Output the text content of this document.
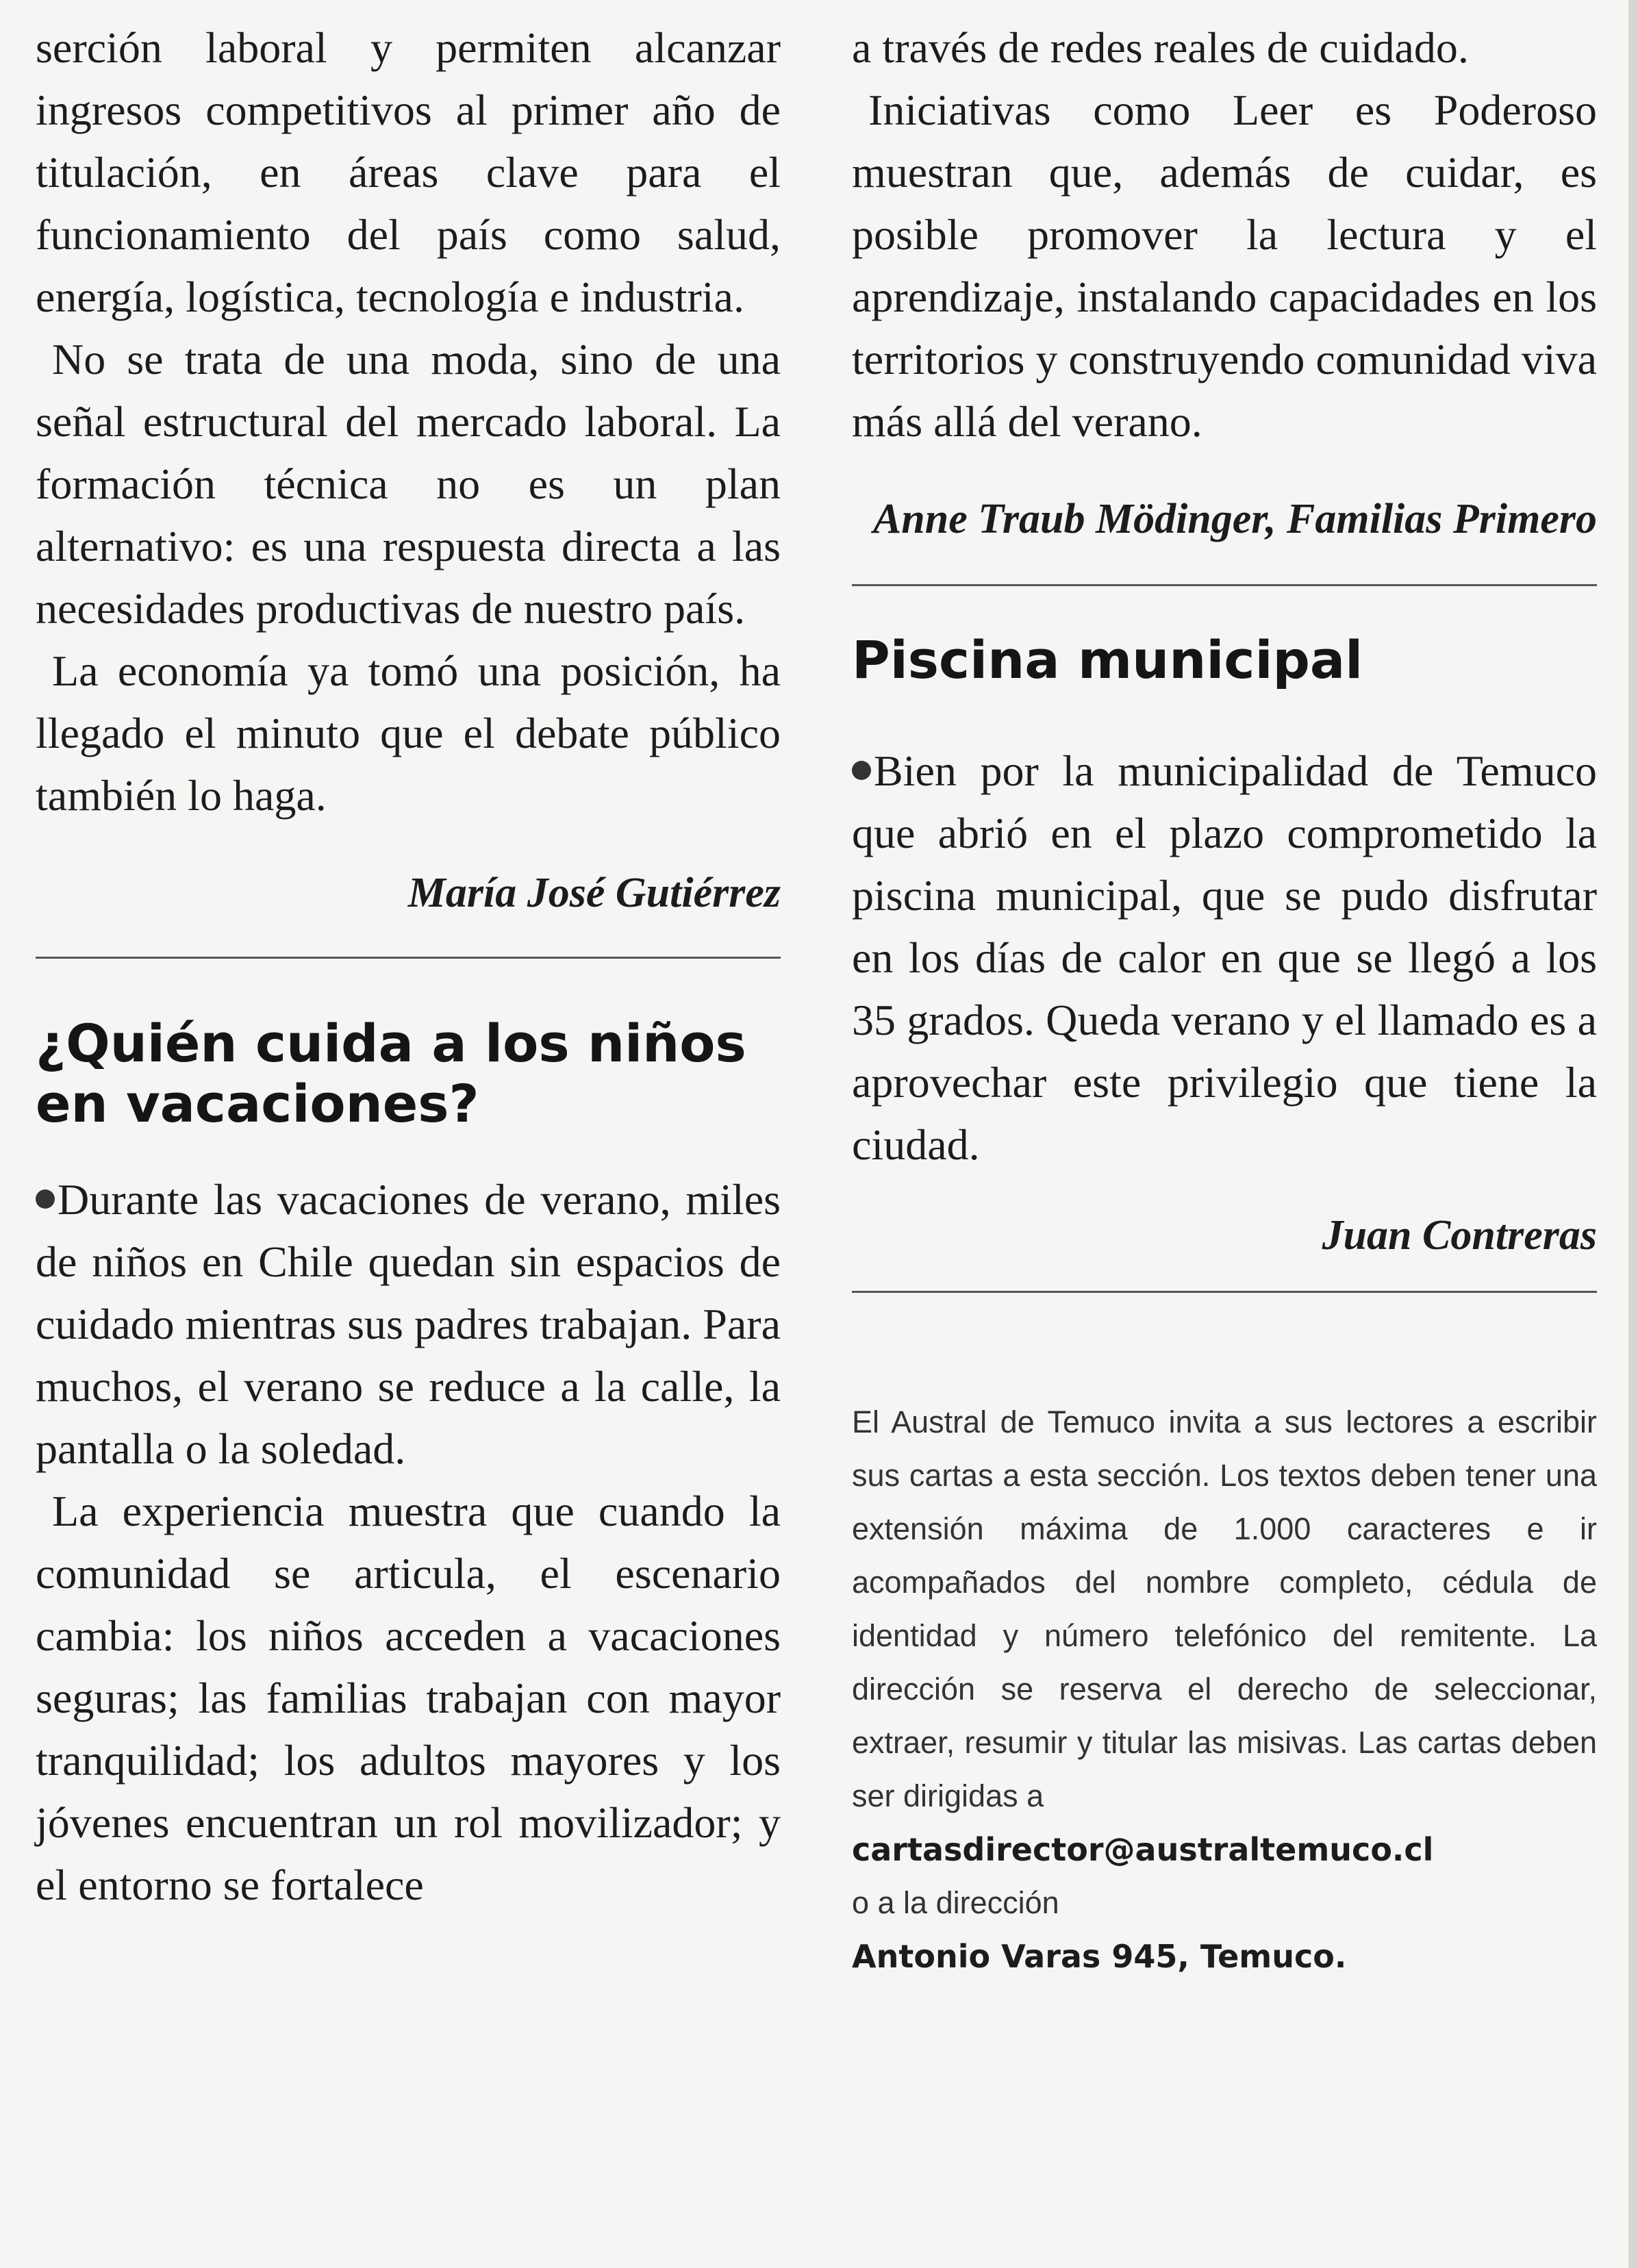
serción laboral y permiten alcanzar ingresos competitivos al primer año de titulación, en áreas clave para el funcionamiento del país como salud, energía, logística, tecnología e industria.

No se trata de una moda, sino de una señal estructural del mercado laboral. La formación técnica no es un plan alternativo: es una respuesta directa a las necesidades productivas de nuestro país.

La economía ya tomó una posición, ha llegado el minuto que el debate público también lo haga.

María José Gutiérrez

¿Quién cuida a los niños en vacaciones?

Durante las vacaciones de verano, miles de niños en Chile quedan sin espacios de cuidado mientras sus padres trabajan. Para muchos, el verano se reduce a la calle, la pantalla o la soledad.

La experiencia muestra que cuando la comunidad se articula, el escenario cambia: los niños acceden a vacaciones seguras; las familias trabajan con mayor tranquilidad; los adultos mayores y los jóvenes encuentran un rol movilizador; y el entorno se fortalece

a través de redes reales de cuidado.

Iniciativas como Leer es Poderoso muestran que, además de cuidar, es posible promover la lectura y el aprendizaje, instalando capacidades en los territorios y construyendo comunidad viva más allá del verano.

Anne Traub Mödinger, Familias Primero

Piscina municipal

Bien por la municipalidad de Temuco que abrió en el plazo comprometido la piscina municipal, que se pudo disfrutar en los días de calor en que se llegó a los 35 grados. Queda verano y el llamado es a aprovechar este privilegio que tiene la ciudad.

Juan Contreras

El Austral de Temuco invita a sus lectores a escribir sus cartas a esta sección. Los textos deben tener una extensión máxima de 1.000 caracteres e ir acompañados del nombre completo, cédula de identidad y número telefónico del remitente. La dirección se reserva el derecho de seleccionar, extraer, resumir y titular las misivas. Las cartas deben ser dirigidas a

cartasdirector@australtemuco.cl

o a la dirección

Antonio Varas 945, Temuco.
